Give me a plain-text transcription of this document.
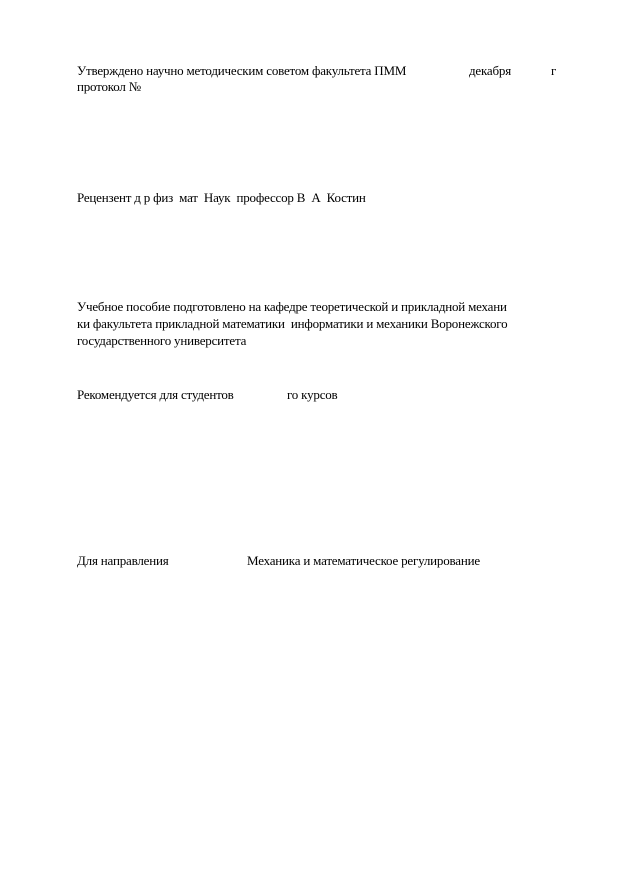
Утверждено научно методическим советом факультета ПММ

	декабря

	г

протокол №
Рецензент д р физ  мат  Наук  профессор В  А  Костин
Учебное пособие подготовлено на кафедре теоретической и прикладной механи
ки факультета прикладной математики  информатики и механики Воронежского
государственного университета

Рекомендуется для студентов

	го курсов

Для направления

	Механика и математическое регулирование
